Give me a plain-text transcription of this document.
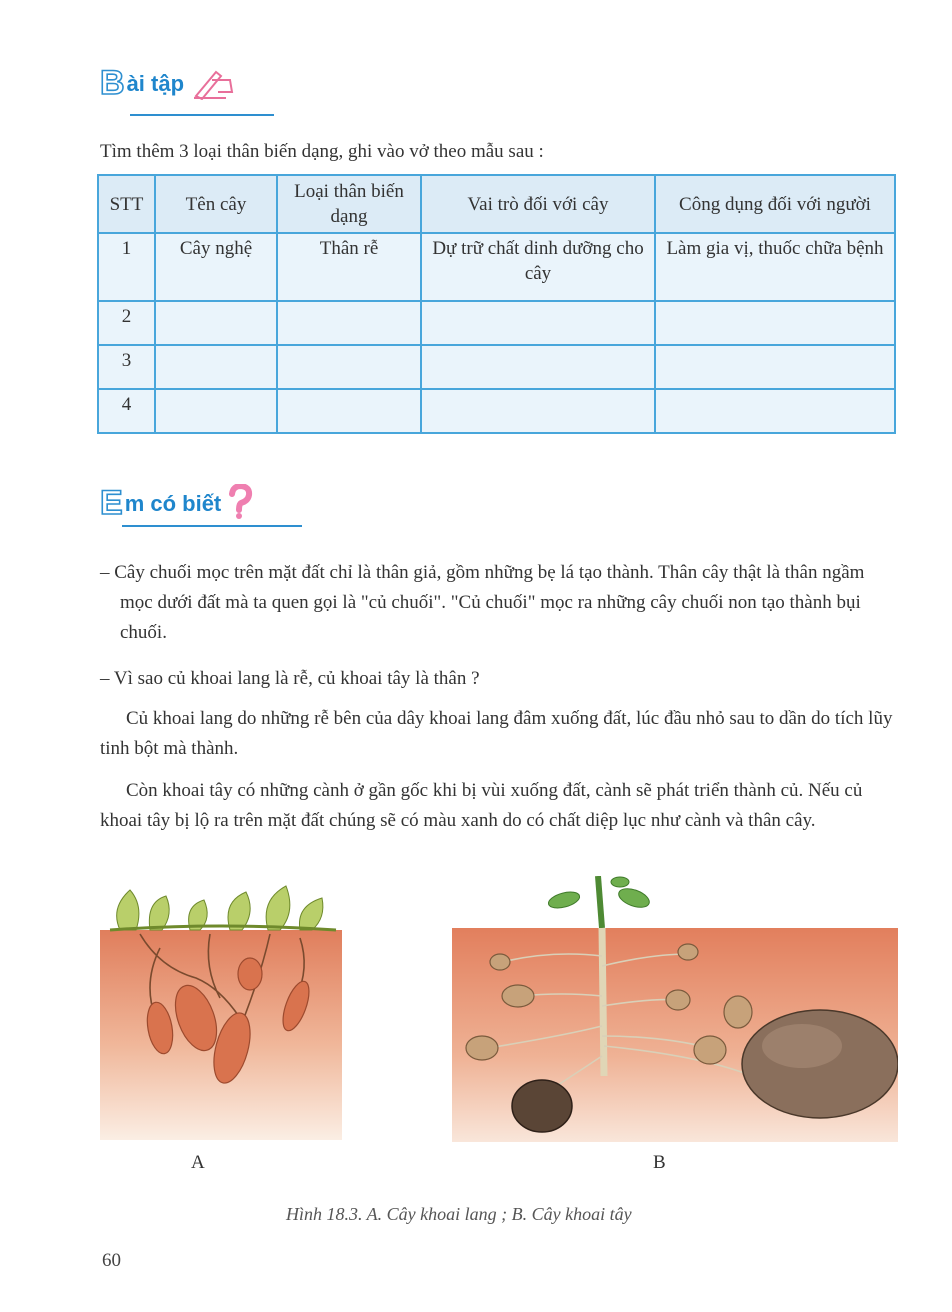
B ài tập
Tìm thêm 3 loại thân biến dạng, ghi vào vở theo mẫu sau :
STT	Tên cây	Loại thân biến dạng	Vai trò đối với cây	Công dụng đối với người
1	Cây nghệ	Thân rễ	Dự trữ chất dinh dưỡng cho cây	Làm gia vị, thuốc chữa bệnh
2				
3				
4				
E m có biết
– Cây chuối mọc trên mặt đất chỉ là thân giả, gồm những bẹ lá tạo thành. Thân cây thật là thân ngầm mọc dưới đất mà ta quen gọi là "củ chuối". "Củ chuối" mọc ra những cây chuối non tạo thành bụi chuối.
– Vì sao củ khoai lang là rễ, củ khoai tây là thân ?
Củ khoai lang do những rễ bên của dây khoai lang đâm xuống đất, lúc đầu nhỏ sau to dần do tích lũy tinh bột mà thành.
Còn khoai tây có những cành ở gần gốc khi bị vùi xuống đất, cành sẽ phát triển thành củ. Nếu củ khoai tây bị lộ ra trên mặt đất chúng sẽ có màu xanh do có chất diệp lục như cành và thân cây.
A	B
Hình 18.3. A. Cây khoai lang ; B. Cây khoai tây
60
